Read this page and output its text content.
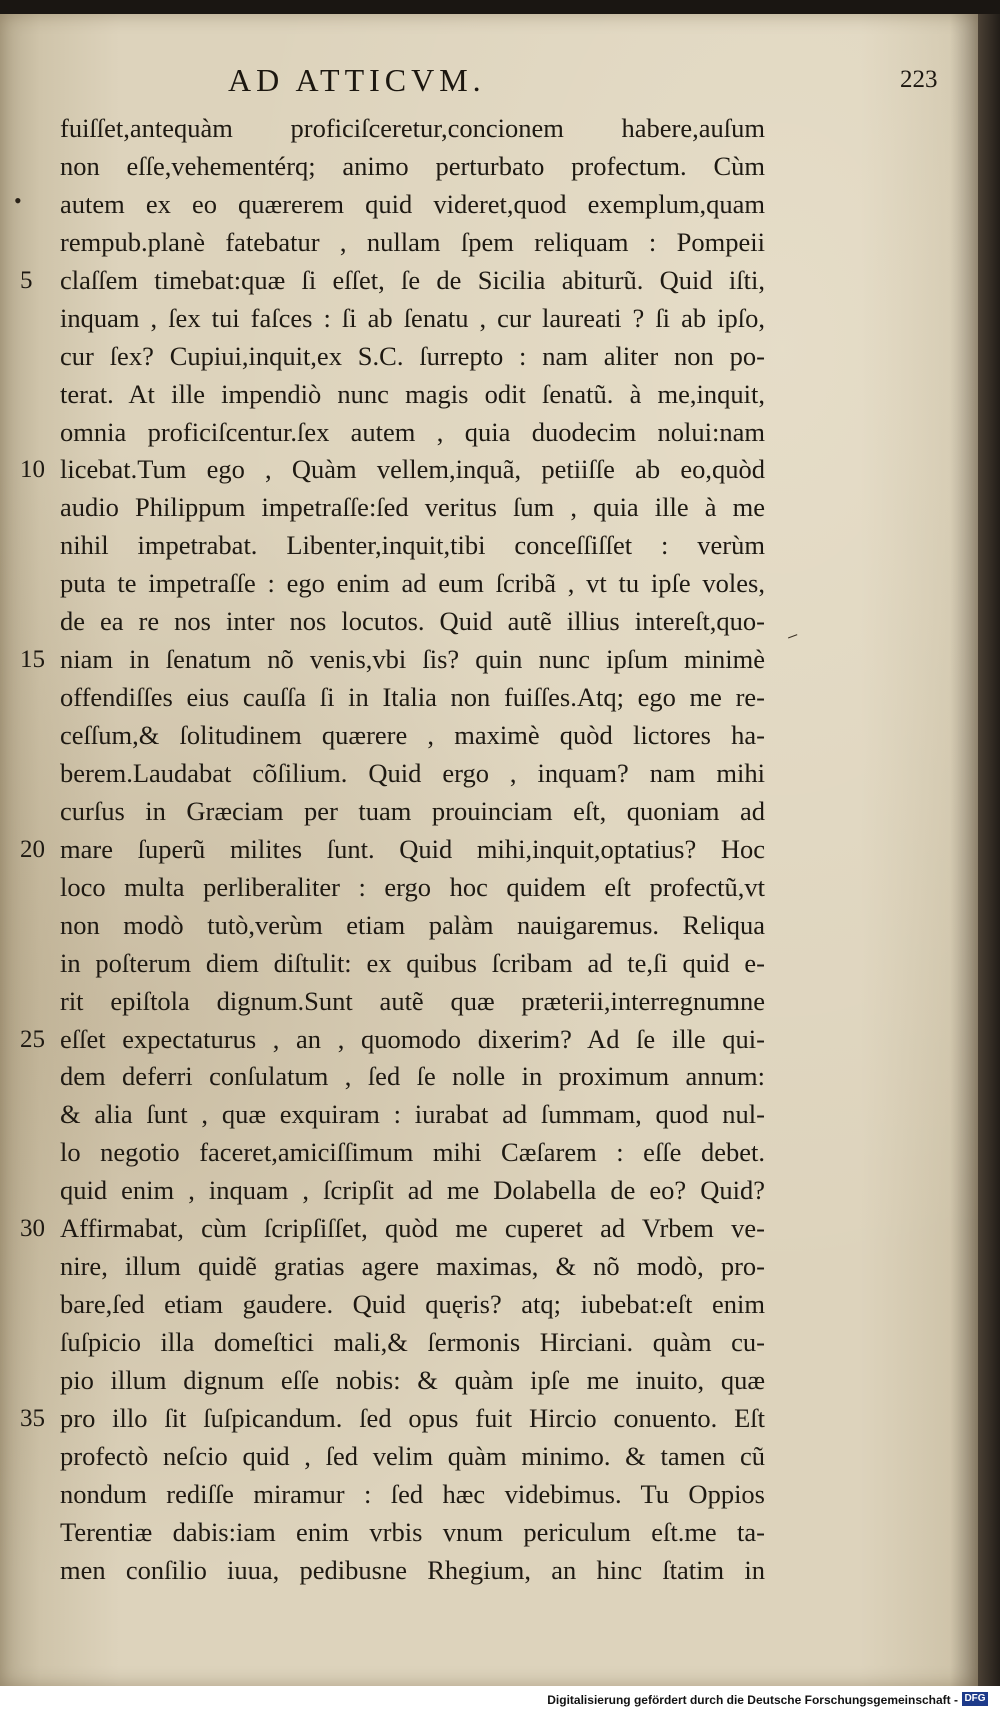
AD ATTICVM.	223
•
⸝
fuiſſet,antequàm proficiſceretur,concionem habere,auſum
non eſſe,vehementérq; animo perturbato profectum. Cùm
autem ex eo quærerem quid videret,quod exemplum,quam
rempub.planè fatebatur , nullam ſpem reliquam : Pompeii
5	claſſem timebat:quæ ſi eſſet, ſe de Sicilia abiturũ. Quid iſti,
inquam , ſex tui faſces : ſi ab ſenatu , cur laureati ? ſi ab ipſo,
cur ſex? Cupiui,inquit,ex S.C. ſurrepto : nam aliter non po-
terat. At ille impendiò nunc magis odit ſenatũ. à me,inquit,
omnia proficiſcentur.ſex autem , quia duodecim nolui:nam
10 licebat.Tum ego , Quàm vellem,inquã, petiiſſe ab eo,quòd
audio Philippum impetraſſe:ſed veritus ſum , quia ille à me
nihil impetrabat. Libenter,inquit,tibi conceſſiſſet : verùm
puta te impetraſſe : ego enim ad eum ſcribã , vt tu ipſe voles,
de ea re nos inter nos locutos. Quid autẽ illius intereſt,quo-
15 niam in ſenatum nõ venis,vbi ſis? quin nunc ipſum minimè
offendiſſes eius cauſſa ſi in Italia non fuiſſes.Atq; ego me re-
ceſſum,& ſolitudinem quærere , maximè quòd lictores ha-
berem.Laudabat cõſilium. Quid ergo , inquam? nam mihi
curſus in Græciam per tuam prouinciam eſt, quoniam ad
20 mare ſuperũ milites ſunt. Quid mihi,inquit,optatius? Hoc
loco multa perliberaliter : ergo hoc quidem eſt profectũ,vt
non modò tutò,verùm etiam palàm nauigaremus. Reliqua
in poſterum diem diſtulit: ex quibus ſcribam ad te,ſi quid e-
rit epiſtola dignum.Sunt autẽ quæ præterii,interregnumne
25 eſſet expectaturus , an , quomodo dixerim? Ad ſe ille qui-
dem deferri conſulatum , ſed ſe nolle in proximum annum:
& alia ſunt , quæ exquiram : iurabat ad ſummam, quod nul-
lo negotio faceret,amiciſſimum mihi Cæſarem : eſſe debet.
quid enim , inquam , ſcripſit ad me Dolabella de eo? Quid?
30 Affirmabat, cùm ſcripſiſſet, quòd me cuperet ad Vrbem ve-
nire, illum quidẽ gratias agere maximas, & nõ modò, pro-
bare,ſed etiam gaudere. Quid quęris? atq; iubebat:eſt enim
ſuſpicio illa domeſtici mali,& ſermonis Hirciani. quàm cu-
pio illum dignum eſſe nobis: & quàm ipſe me inuito, quæ
35 pro illo ſit ſuſpicandum. ſed opus fuit Hircio conuento. Eſt
profectò neſcio quid , ſed velim quàm minimo. & tamen cũ
nondum rediſſe miramur : ſed hæc videbimus. Tu Oppios
Terentiæ dabis:iam enim vrbis vnum periculum eſt.me ta-
men conſilio iuua, pedibusne Rhegium, an hinc ſtatim in
Digitalisierung gefördert durch die Deutsche Forschungsgemeinschaft - DFG
